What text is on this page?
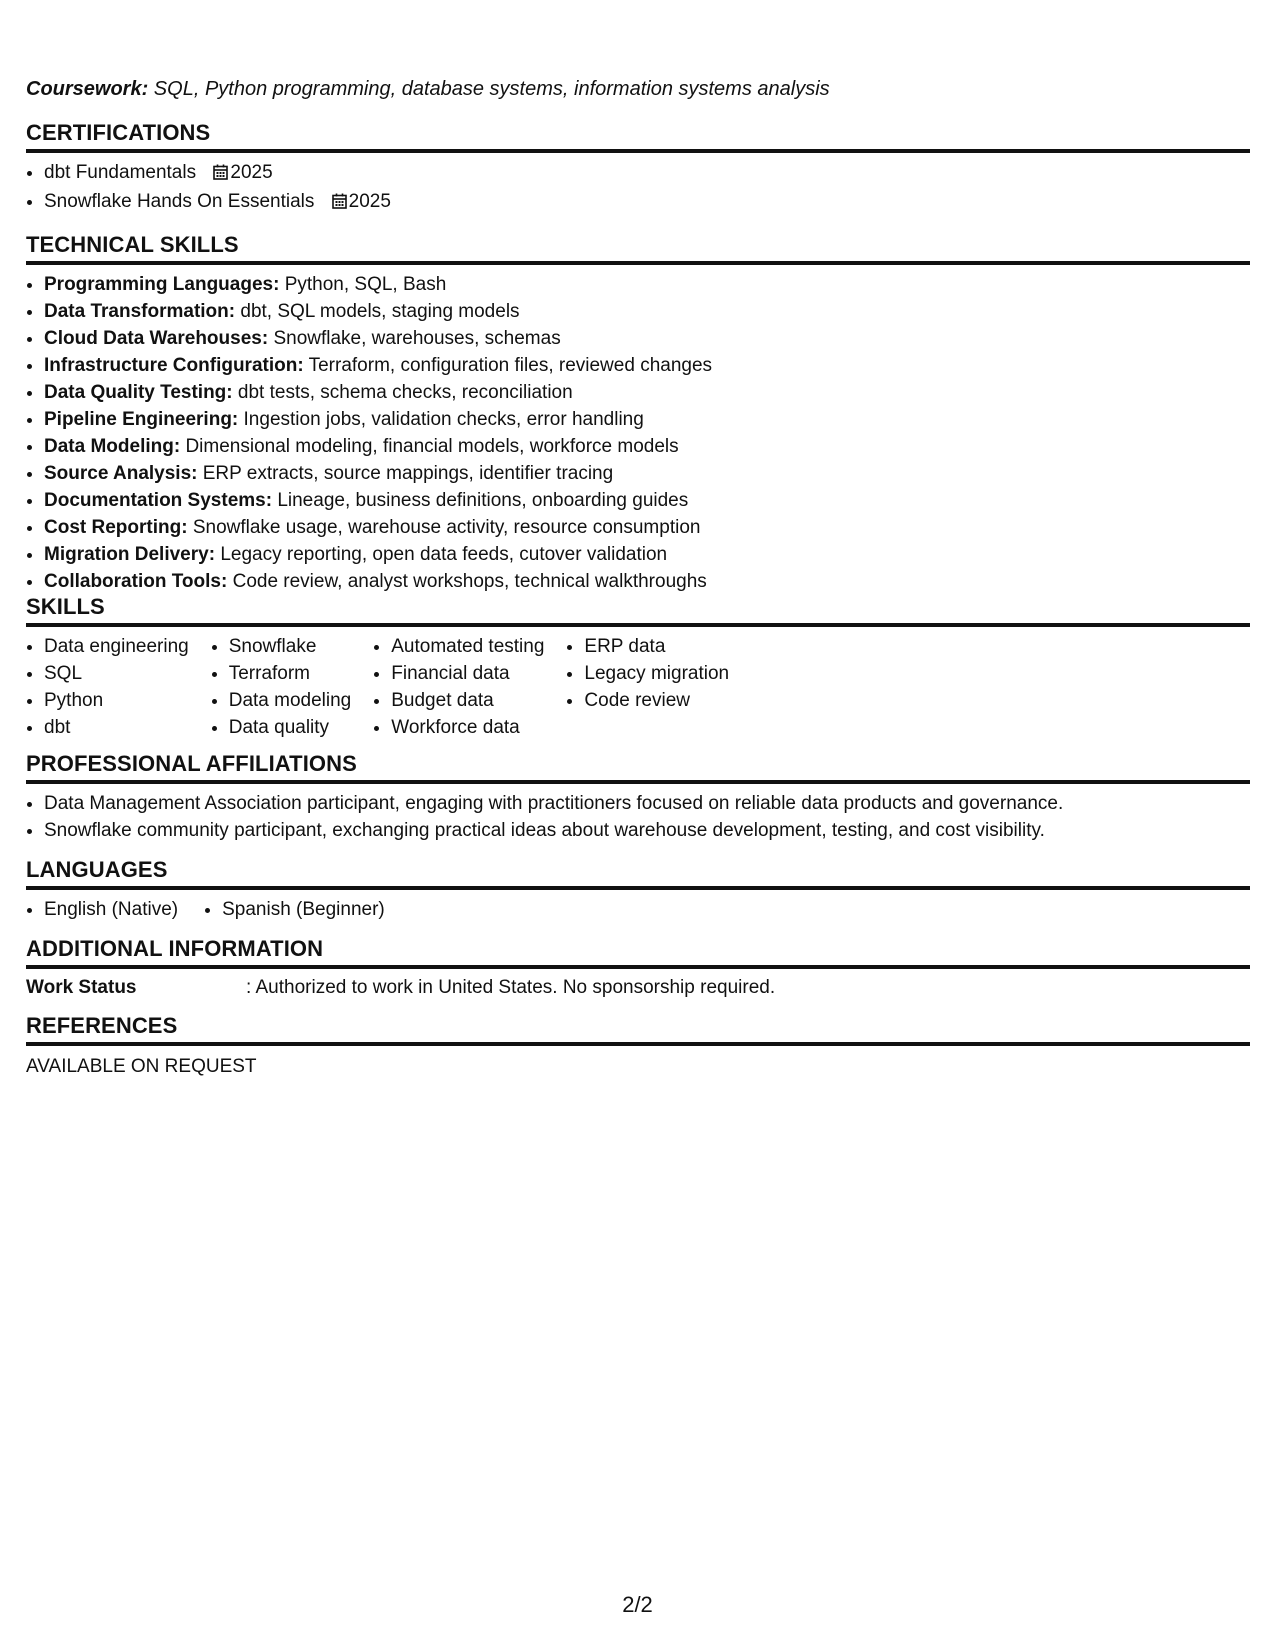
Coursework: SQL, Python programming, database systems, information systems analysis
CERTIFICATIONS
• dbt Fundamentals 2025
• Snowflake Hands On Essentials 2025
TECHNICAL SKILLS
• Programming Languages: Python, SQL, Bash
• Data Transformation: dbt, SQL models, staging models
• Cloud Data Warehouses: Snowflake, warehouses, schemas
• Infrastructure Configuration: Terraform, configuration files, reviewed changes
• Data Quality Testing: dbt tests, schema checks, reconciliation
• Pipeline Engineering: Ingestion jobs, validation checks, error handling
• Data Modeling: Dimensional modeling, financial models, workforce models
• Source Analysis: ERP extracts, source mappings, identifier tracing
• Documentation Systems: Lineage, business definitions, onboarding guides
• Cost Reporting: Snowflake usage, warehouse activity, resource consumption
• Migration Delivery: Legacy reporting, open data feeds, cutover validation
• Collaboration Tools: Code review, analyst workshops, technical walkthroughs
SKILLS
• Data engineering
• SQL
• Python
• dbt
• Snowflake
• Terraform
• Data modeling
• Data quality
• Automated testing
• Financial data
• Budget data
• Workforce data
• ERP data
• Legacy migration
• Code review
PROFESSIONAL AFFILIATIONS
• Data Management Association participant, engaging with practitioners focused on reliable data products and governance.
• Snowflake community participant, exchanging practical ideas about warehouse development, testing, and cost visibility.
LANGUAGES
• English (Native)
• Spanish (Beginner)
ADDITIONAL INFORMATION
Work Status	: Authorized to work in United States. No sponsorship required.
REFERENCES
AVAILABLE ON REQUEST
2/2
